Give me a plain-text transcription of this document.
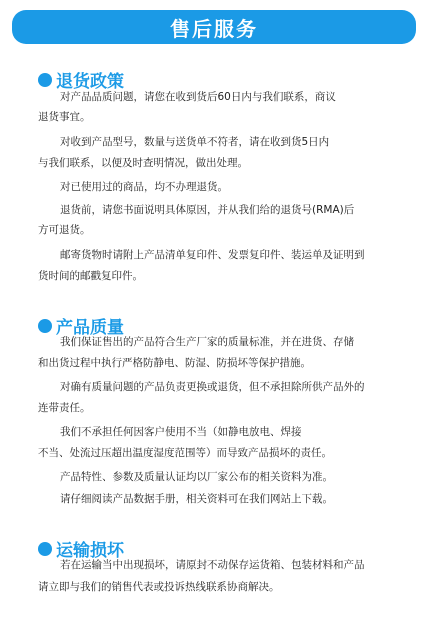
售后服务
退货政策
对产品品质问题，请您在收到货后60日内与我们联系，商议
退货事宜。
对收到产品型号，数量与送货单不符者，请在收到货5日内
与我们联系，以便及时查明情况，做出处理。
对已使用过的商品，均不办理退货。
退货前，请您书面说明具体原因，并从我们给的退货号(RMA)后
方可退货。
邮寄货物时请附上产品清单复印件、发票复印件、装运单及证明到
货时间的邮戳复印件。
产品质量
我们保证售出的产品符合生产厂家的质量标准，并在进货、存储
和出货过程中执行严格防静电、防湿、防损坏等保护措施。
对确有质量问题的产品负责更换或退货，但不承担除所供产品外的
连带责任。
我们不承担任何因客户使用不当（如静电放电、焊接
不当、处流过压超出温度湿度范围等）而导致产品损坏的责任。
产品特性、参数及质量认证均以厂家公布的相关资料为准。
请仔细阅读产品数据手册，相关资料可在我们网站上下载。
运输损坏
若在运输当中出现损坏，请原封不动保存运货箱、包装材料和产品
请立即与我们的销售代表或投诉热线联系协商解决。
